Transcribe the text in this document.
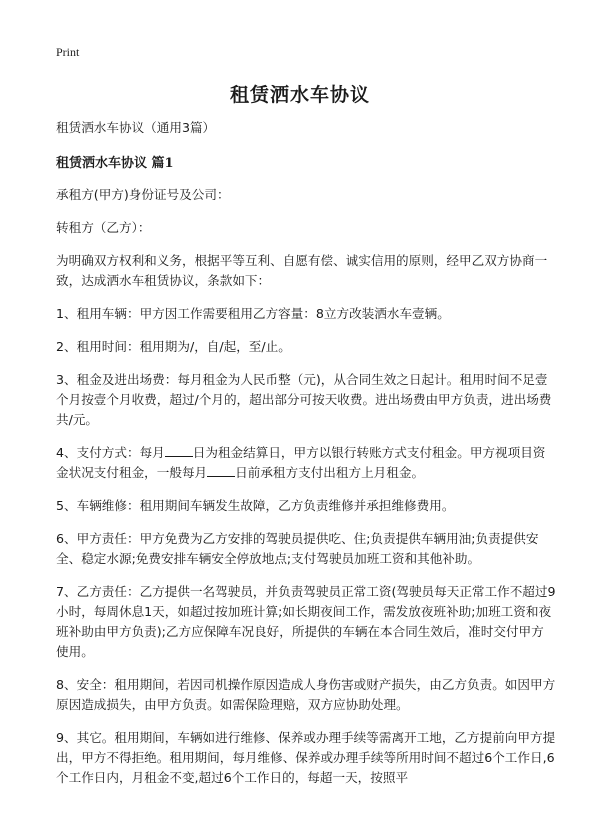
Print
租赁洒水车协议
租赁洒水车协议（通用3篇）
租赁洒水车协议 篇1
承租方(甲方)身份证号及公司：
转租方（乙方）：
为明确双方权利和义务，根据平等互利、自愿有偿、诚实信用的原则，经甲乙双方协商一致，达成洒水车租赁协议，条款如下：
1、租用车辆：甲方因工作需要租用乙方容量：8立方改装洒水车壹辆。
2、租用时间：租用期为/，自/起，至/止。
3、租金及进出场费：每月租金为人民币整（元)，从合同生效之日起计。租用时间不足壹个月按壹个月收费，超过/个月的，超出部分可按天收费。进出场费由甲方负责，进出场费共/元。
4、支付方式：每月 日为租金结算日，甲方以银行转账方式支付租金。甲方视项目资金状况支付租金，一般每月 日前承租方支付出租方上月租金。
5、车辆维修：租用期间车辆发生故障，乙方负责维修并承担维修费用。
6、甲方责任：甲方免费为乙方安排的驾驶员提供吃、住;负责提供车辆用油;负责提供安全、稳定水源;免费安排车辆安全停放地点;支付驾驶员加班工资和其他补助。
7、乙方责任：乙方提供一名驾驶员，并负责驾驶员正常工资(驾驶员每天正常工作不超过9小时，每周休息1天，如超过按加班计算;如长期夜间工作，需发放夜班补助;加班工资和夜班补助由甲方负责);乙方应保障车况良好，所提供的车辆在本合同生效后，准时交付甲方使用。
8、安全：租用期间，若因司机操作原因造成人身伤害或财产损失，由乙方负责。如因甲方原因造成损失，由甲方负责。如需保险理赔，双方应协助处理。
9、其它。租用期间，车辆如进行维修、保养或办理手续等需离开工地，乙方提前向甲方提出，甲方不得拒绝。租用期间，每月维修、保养或办理手续等所用时间不超过6个工作日,6个工作日内，月租金不变,超过6个工作日的，每超一天，按照平
